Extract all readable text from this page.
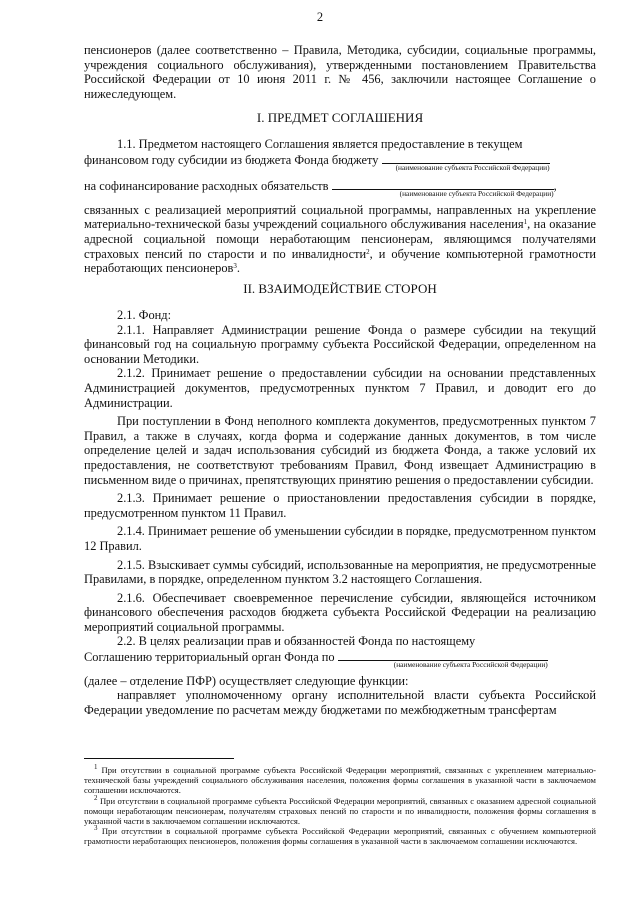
2

пенсионеров (далее соответственно – Правила, Методика, субсидии, социальные программы, учреждения социального обслуживания), утвержденными постановлением Правительства Российской Федерации от 10 июня 2011 г. № 456, заключили настоящее Соглашение о нижеследующем.

I. ПРЕДМЕТ СОГЛАШЕНИЯ

1.1. Предметом настоящего Соглашения является предоставление в текущем

финансовом году субсидии из бюджета Фонда бюджету
(наименование субъекта Российской Федерации)

на софинансирование расходных обязательств
(наименование субъекта Российской Федерации)
,

связанных с реализацией мероприятий социальной программы, направленных на укрепление материально-технической базы учреждений социального обслуживания населения$^1$, на оказание адресной социальной помощи неработающим пенсионерам, являющимся получателями страховых пенсий по старости и по инвалидности$^2$, и обучение компьютерной грамотности неработающих пенсионеров$^3$.

II. ВЗАИМОДЕЙСТВИЕ СТОРОН

2.1. Фонд:

2.1.1. Направляет Администрации решение Фонда о размере субсидии на текущий финансовый год на социальную программу субъекта Российской Федерации, определенном на основании Методики.

2.1.2. Принимает решение о предоставлении субсидии на основании представленных Администрацией документов, предусмотренных пунктом 7 Правил, и доводит его до Администрации.

При поступлении в Фонд неполного комплекта документов, предусмотренных пунктом 7 Правил, а также в случаях, когда форма и содержание данных документов, в том числе определение целей и задач использования субсидий из бюджета Фонда, а также условий их предоставления, не соответствуют требованиям Правил, Фонд извещает Администрацию в письменном виде о причинах, препятствующих принятию решения о предоставлении субсидии.

2.1.3. Принимает решение о приостановлении предоставления субсидии в порядке, предусмотренном пунктом 11 Правил.

2.1.4. Принимает решение об уменьшении субсидии в порядке, предусмотренном пунктом 12 Правил.

2.1.5. Взыскивает суммы субсидий, использованные на мероприятия, не предусмотренные Правилами, в порядке, определенном пунктом 3.2 настоящего Соглашения.

2.1.6. Обеспечивает своевременное перечисление субсидии, являющейся источником финансового обеспечения расходов бюджета субъекта Российской Федерации на реализацию мероприятий социальной программы.

2.2. В целях реализации прав и обязанностей Фонда по настоящему

Соглашению территориальный орган Фонда по
(наименование субъекта Российской Федерации)

(далее – отделение ПФР) осуществляет следующие функции:

направляет уполномоченному органу исполнительной власти субъекта Российской Федерации уведомление по расчетам между бюджетами по межбюджетным трансфертам

$^1$ При отсутствии в социальной программе субъекта Российской Федерации мероприятий, связанных с укреплением материально-технической базы учреждений социального обслуживания населения, положения формы соглашения в указанной части в заключаемом соглашении исключаются.

$^2$ При отсутствии в социальной программе субъекта Российской Федерации мероприятий, связанных с оказанием адресной социальной помощи неработающим пенсионерам, получателям страховых пенсий по старости и по инвалидности, положения формы соглашения в указанной части в заключаемом соглашении исключаются.

$^3$ При отсутствии в социальной программе субъекта Российской Федерации мероприятий, связанных с обучением компьютерной грамотности неработающих пенсионеров, положения формы соглашения в указанной части в заключаемом соглашении исключаются.
